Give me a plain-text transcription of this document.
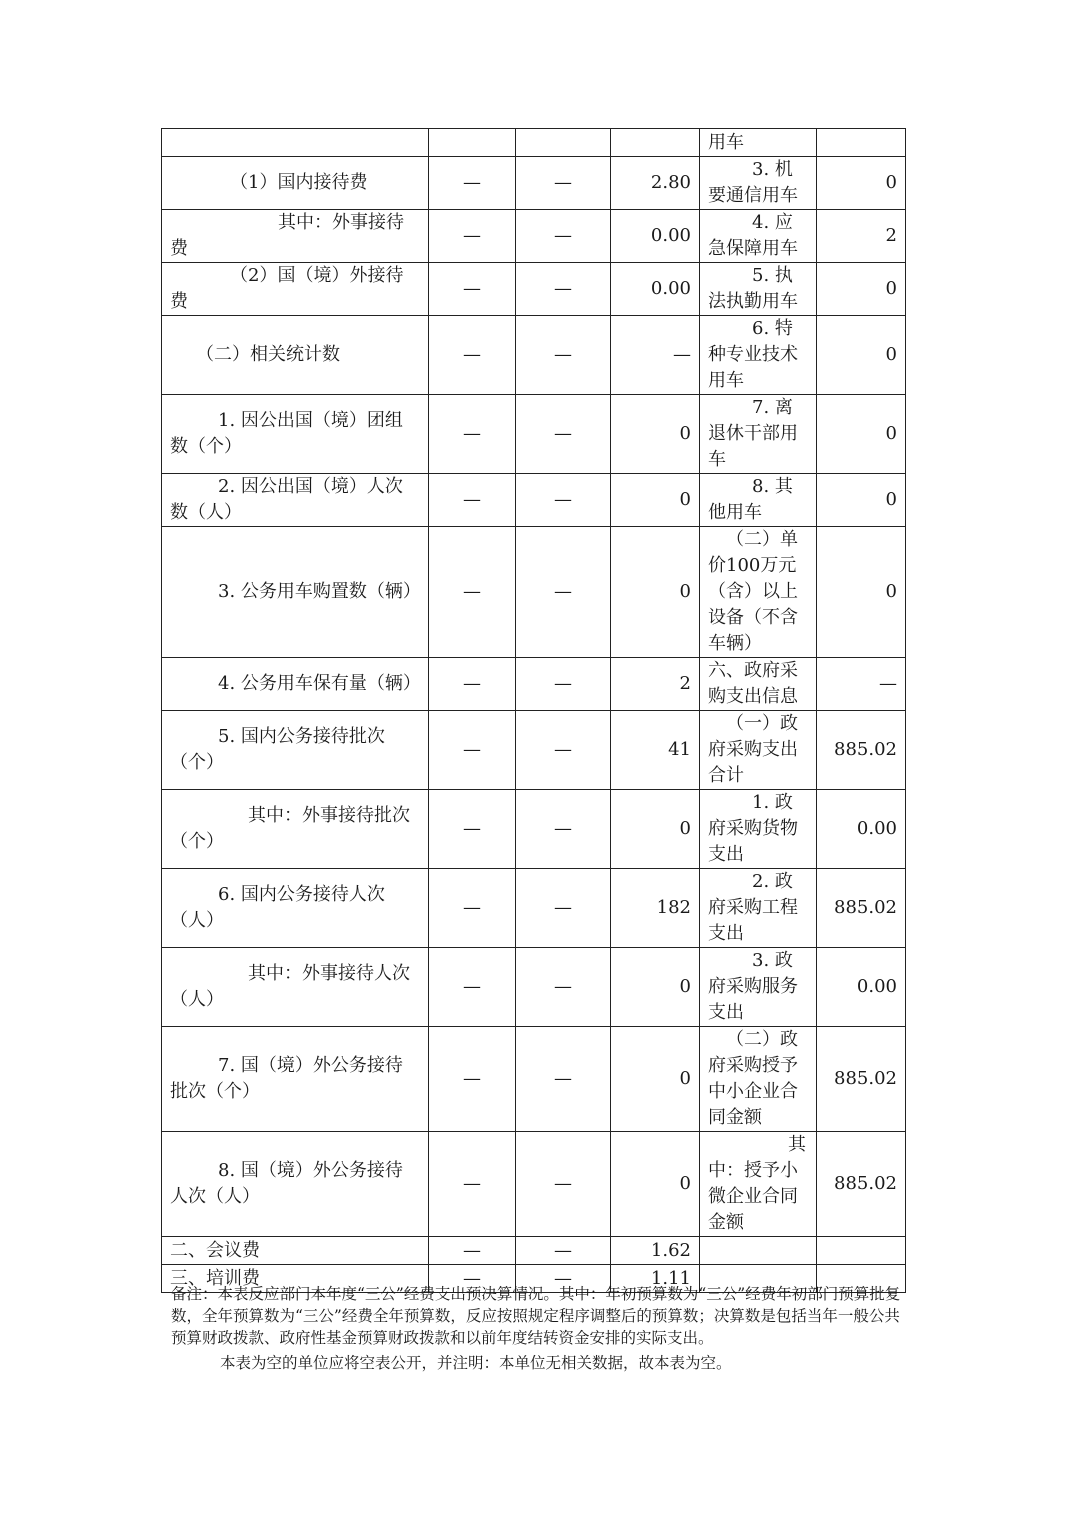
				用车	
（1）国内接待费	—	—	2.80	3. 机要通信用车	0
其中：外事接待费	—	—	0.00	4. 应急保障用车	2
（2）国（境）外接待费	—	—	0.00	5. 执法执勤用车	0
（二）相关统计数	—	—	—	6. 特种专业技术用车	0
1. 因公出国（境）团组数（个）	—	—	0	7. 离退休干部用车	0
2. 因公出国（境）人次数（人）	—	—	0	8. 其他用车	0
3. 公务用车购置数（辆）	—	—	0	（二）单价100万元（含）以上设备（不含车辆）	0
4. 公务用车保有量（辆）	—	—	2	六、政府采购支出信息	—
5. 国内公务接待批次（个）	—	—	41	（一）政府采购支出合计	885.02
其中：外事接待批次（个）	—	—	0	1. 政府采购货物支出	0.00
6. 国内公务接待人次（人）	—	—	182	2. 政府采购工程支出	885.02
其中：外事接待人次（人）	—	—	0	3. 政府采购服务支出	0.00
7. 国（境）外公务接待批次（个）	—	—	0	（二）政府采购授予中小企业合同金额	885.02
8. 国（境）外公务接待人次（人）	—	—	0	其中：授予小微企业合同金额	885.02
二、会议费	—	—	1.62		
三、培训费	—	—	1.11		
备注：本表反应部门本年度“三公”经费支出预决算情况。其中：年初预算数为“三公”经费年初部门预算批复数，全年预算数为“三公”经费全年预算数，反应按照规定程序调整后的预算数；决算数是包括当年一般公共预算财政拨款、政府性基金预算财政拨款和以前年度结转资金安排的实际支出。
本表为空的单位应将空表公开，并注明：本单位无相关数据，故本表为空。
